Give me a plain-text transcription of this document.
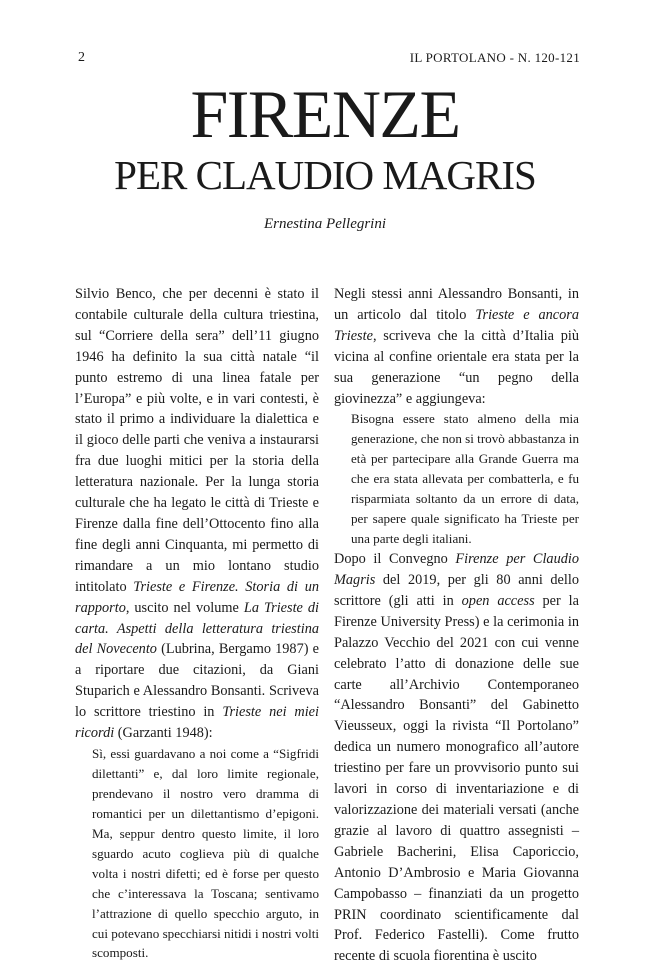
2	IL PORTOLANO - N. 120-121
FIRENZE
PER CLAUDIO MAGRIS
Ernestina Pellegrini

Silvio Benco, che per decenni è stato il contabile culturale della cultura triestina, sul “Corriere della sera” dell’11 giugno 1946 ha definito la sua città natale “il punto estremo di una linea fatale per l’Europa” e più volte, e in vari contesti, è stato il primo a individuare la dialettica e il gioco delle parti che veniva a instaurarsi fra due luoghi mitici per la storia della letteratura nazionale. Per la lunga storia culturale che ha legato le città di Trieste e Firenze dalla fine dell’Ottocento fino alla fine degli anni Cinquanta, mi permetto di rimandare a un mio lontano studio intitolato Trieste e Firenze. Storia di un rapporto, uscito nel volume La Trieste di carta. Aspetti della letteratura triestina del Novecento (Lubrina, Bergamo 1987) e a riportare due citazioni, da Giani Stuparich e Alessandro Bonsanti. Scriveva lo scrittore triestino in Trieste nei miei ricordi (Garzanti 1948):

Sì, essi guardavano a noi come a “Sigfridi dilettanti” e, dal loro limite regionale, prendevano il nostro vero dramma di romantici per un dilettantismo d’epigoni. Ma, seppur dentro questo limite, il loro sguardo acuto coglieva più di qualche volta i nostri difetti; ed è forse per questo che c’interessava la Toscana; sentivamo l’attrazione di quello specchio arguto, in cui potevano specchiarsi nitidi i nostri volti scomposti.

Negli stessi anni Alessandro Bonsanti, in un articolo dal titolo Trieste e ancora Trieste, scriveva che la città d’Italia più vicina al confine orientale era stata per la sua generazione “un pegno della giovinezza” e aggiungeva:

Bisogna essere stato almeno della mia generazione, che non si trovò abbastanza in età per partecipare alla Grande Guerra ma che era stata allevata per combatterla, e fu risparmiata soltanto da un errore di data, per sapere quale significato ha Trieste per una parte degli italiani.

Dopo il Convegno Firenze per Claudio Magris del 2019, per gli 80 anni dello scrittore (gli atti in open access per la Firenze University Press) e la cerimonia in Palazzo Vecchio del 2021 con cui venne celebrato l’atto di donazione delle sue carte all’Archivio Contemporaneo “Alessandro Bonsanti” del Gabinetto Vieusseux, oggi la rivista “Il Portolano” dedica un numero monografico all’autore triestino per fare un provvisorio punto sui lavori in corso di inventariazione e di valorizzazione dei materiali versati (anche grazie al lavoro di quattro assegnisti – Gabriele Bacherini, Elisa Caporiccio, Antonio D’Ambrosio e Maria Giovanna Campobasso – finanziati da un progetto PRIN coordinato scientificamente dal Prof. Federico Fastelli). Come frutto recente di scuola fiorentina è uscito
